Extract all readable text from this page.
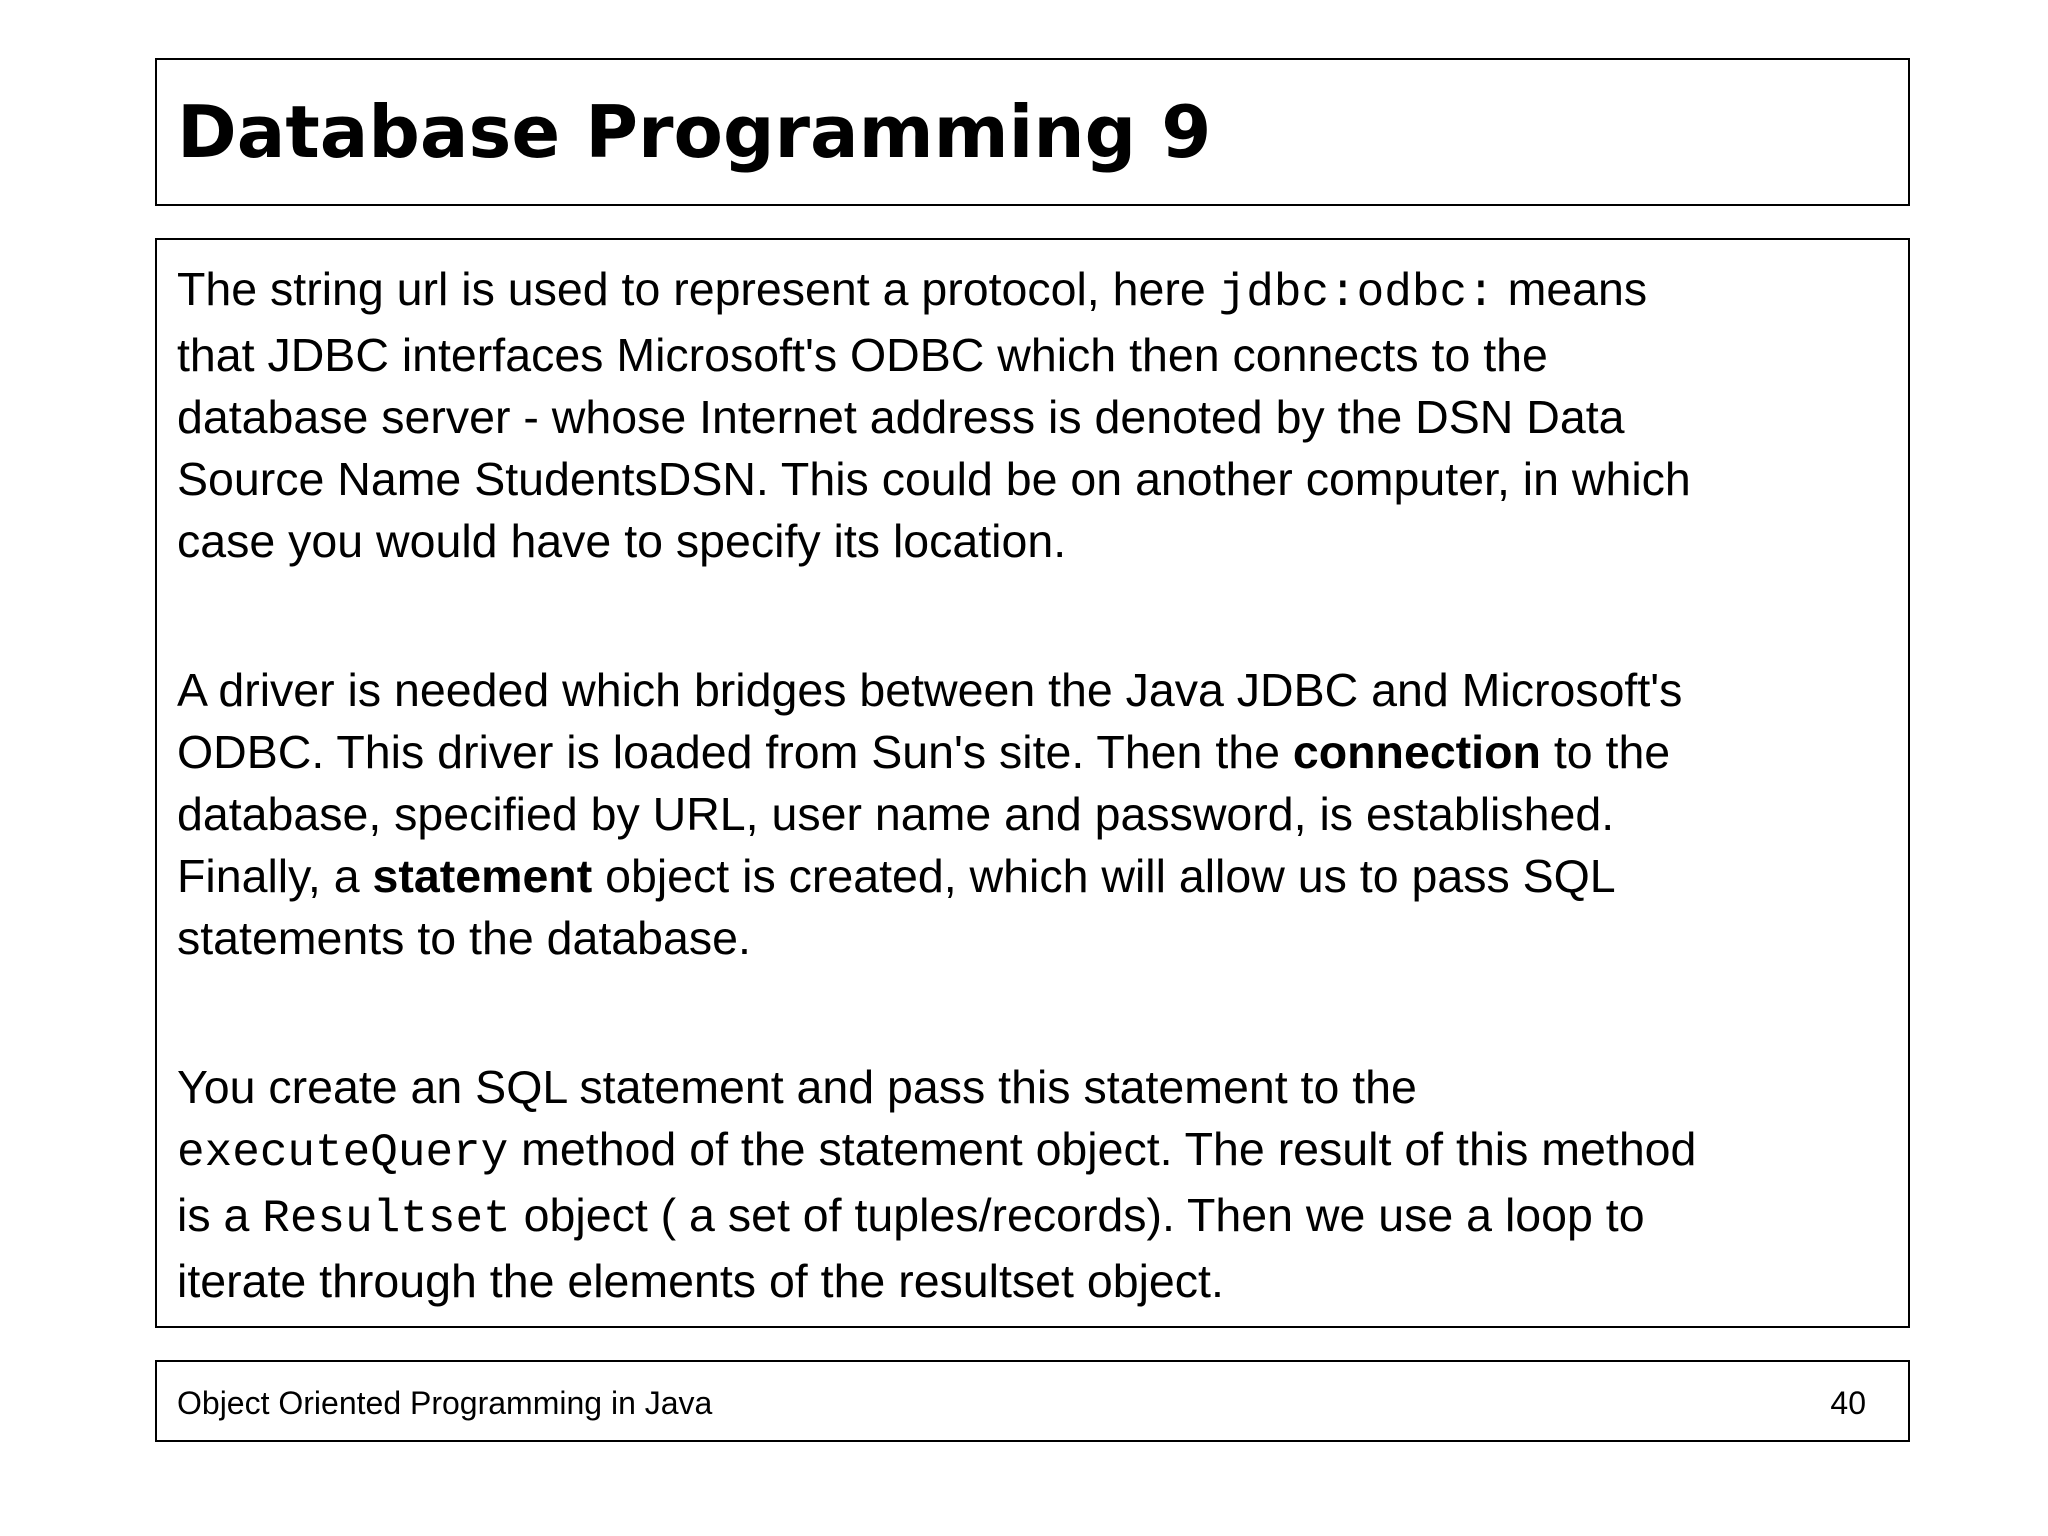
Database Programming 9

The string url is used to represent a protocol, here jdbc:odbc: means
that JDBC interfaces Microsoft's ODBC which then connects to the
database server - whose Internet address is denoted by the DSN Data
Source Name StudentsDSN. This could be on another computer, in which
case you would have to specify its location.

A driver is needed which bridges between the Java JDBC and Microsoft's
ODBC. This driver is loaded from Sun's site. Then the connection to the
database, specified by URL, user name and password, is established.
Finally, a statement object is created, which will allow us to pass SQL
statements to the database.

You create an SQL statement and pass this statement to the
executeQuery method of the statement object. The result of this method
is a Resultset object ( a set of tuples/records). Then we use a loop to
iterate through the elements of the resultset object.

Object Oriented Programming in Java	40
